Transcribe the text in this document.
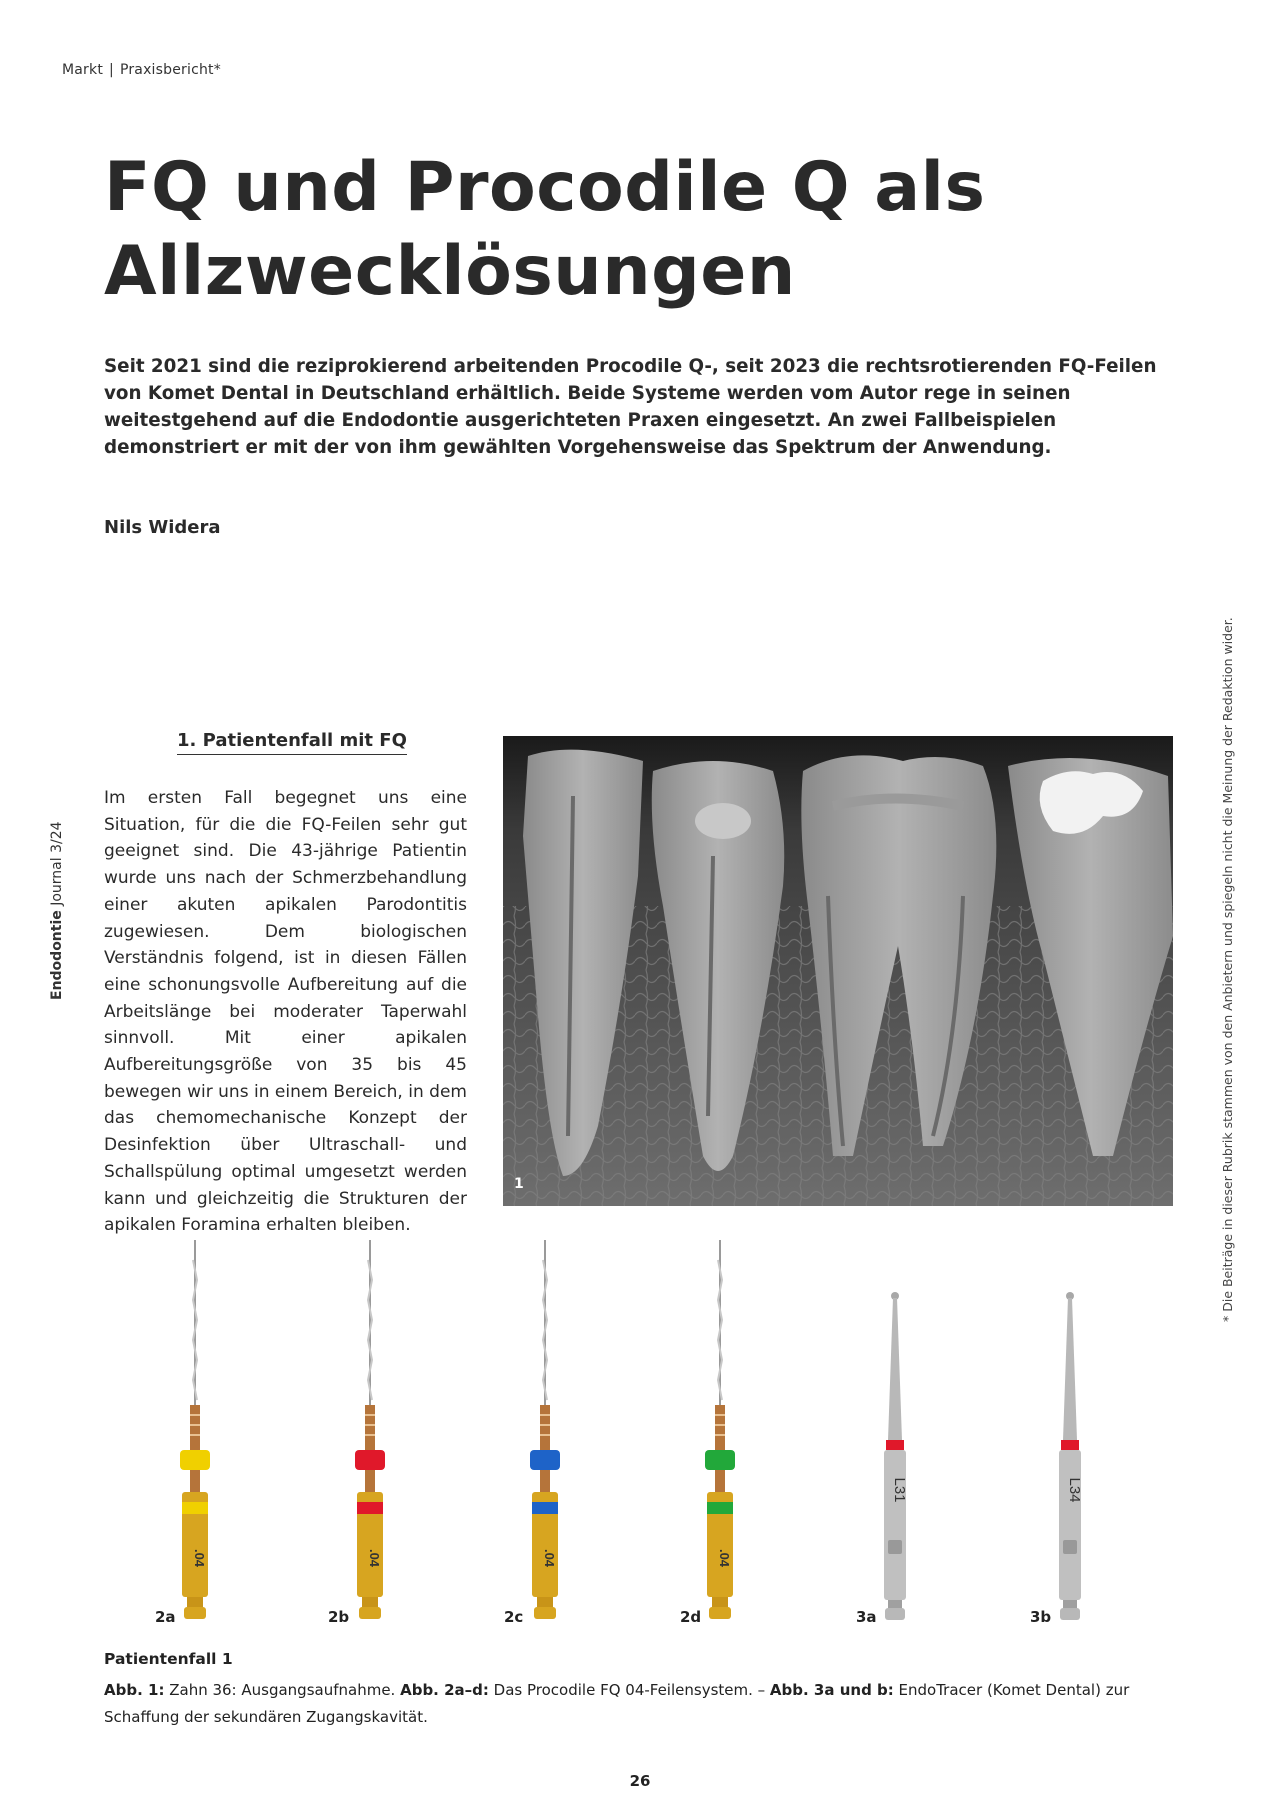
Markt | Praxisbericht*
FQ und Procodile Q als Allzwecklösungen
Seit 2021 sind die reziprokierend arbeitenden Procodile Q-, seit 2023 die rechtsrotierenden FQ-Feilen von Komet Dental in Deutschland erhältlich. Beide Systeme werden vom Autor rege in seinen weitestgehend auf die Endodontie ausgerichteten Praxen eingesetzt. An zwei Fallbeispielen demonstriert er mit der von ihm gewählten Vorgehensweise das Spektrum der Anwendung.
Nils Widera
Endodontie Journal 3/24	* Die Beiträge in dieser Rubrik stammen von den Anbietern und spiegeln nicht die Meinung der Redaktion wider.
1. Patientenfall mit FQ
Im ersten Fall begegnet uns eine Situation, für die die FQ-Feilen sehr gut geeignet sind. Die 43-jährige Patientin wurde uns nach der Schmerzbehandlung einer akuten apikalen Parodontitis zugewiesen. Dem biologischen Verständnis folgend, ist in diesen Fällen eine schonungsvolle Aufbereitung auf die Arbeitslänge bei moderater Taperwahl sinnvoll. Mit einer apikalen Aufbereitungsgröße von 35 bis 45 bewegen wir uns in einem Bereich, in dem das chemomechanische Konzept der Desinfektion über Ultraschall- und Schallspülung optimal umgesetzt werden kann und gleichzeitig die Strukturen der apikalen Foramina erhalten bleiben.
1
.04
2a
.04
2b
.04
2c
.04
2d
L31
3a
L34
3b
Patientenfall 1
Abb. 1: Zahn 36: Ausgangsaufnahme. Abb. 2a–d: Das Procodile FQ 04-Feilensystem. – Abb. 3a und b: EndoTracer (Komet Dental) zur Schaffung der sekundären Zugangskavität.
26
